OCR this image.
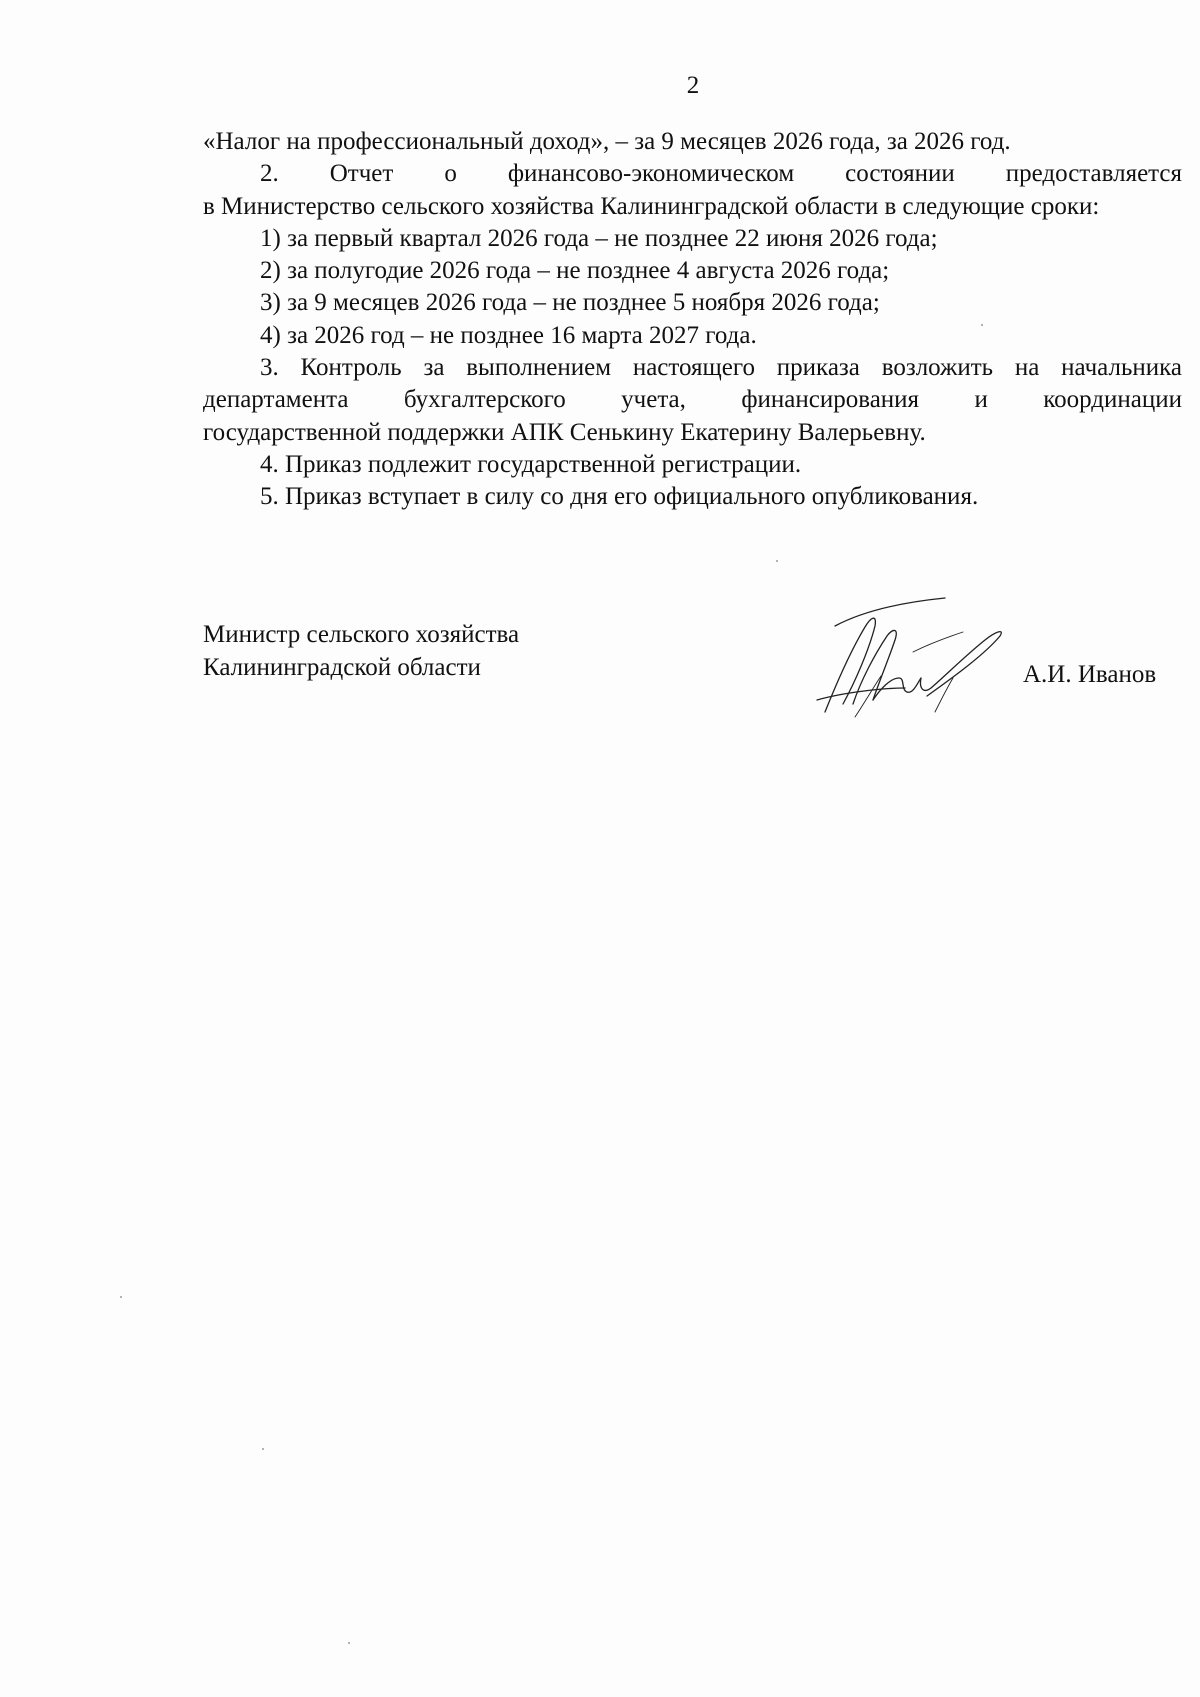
2
«Налог на профессиональный доход», – за 9 месяцев 2026 года, за 2026 год.
2. Отчет о финансово-экономическом состоянии предоставляется
в Министерство сельского хозяйства Калининградской области в следующие сроки:
1) за первый квартал 2026 года – не позднее 22 июня 2026 года;
2) за полугодие 2026 года – не позднее 4 августа 2026 года;
3) за 9 месяцев 2026 года – не позднее 5 ноября 2026 года;
4) за 2026 год – не позднее 16 марта 2027 года.
3. Контроль за выполнением настоящего приказа возложить на начальника
департамента бухгалтерского учета, финансирования и координации
государственной поддержки АПК Сенькину Екатерину Валерьевну.
4. Приказ подлежит государственной регистрации.
5. Приказ вступает в силу со дня его официального опубликования.
Министр сельского хозяйства
Калининградской области	А.И. Иванов
